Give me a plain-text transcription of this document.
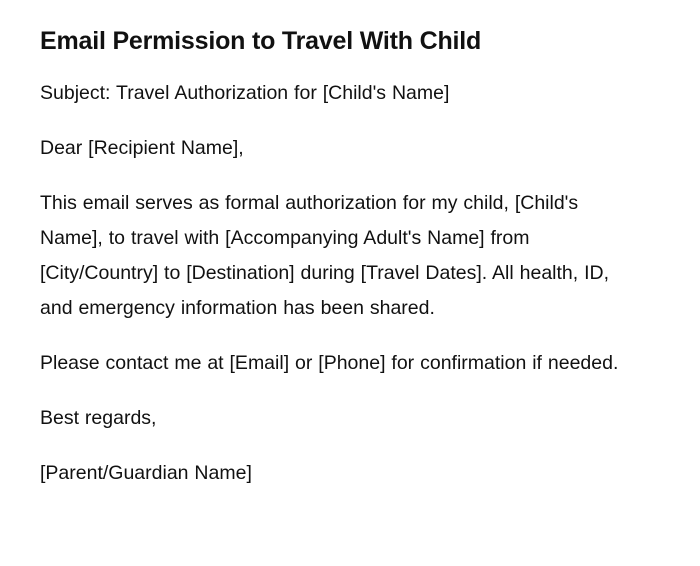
Email Permission to Travel With Child

Subject: Travel Authorization for [Child's Name]

Dear [Recipient Name],

This email serves as formal authorization for my child, [Child's Name], to travel with [Accompanying Adult's Name] from [City/Country] to [Destination] during [Travel Dates]. All health, ID, and emergency information has been shared.

Please contact me at [Email] or [Phone] for confirmation if needed.

Best regards,

[Parent/Guardian Name]
